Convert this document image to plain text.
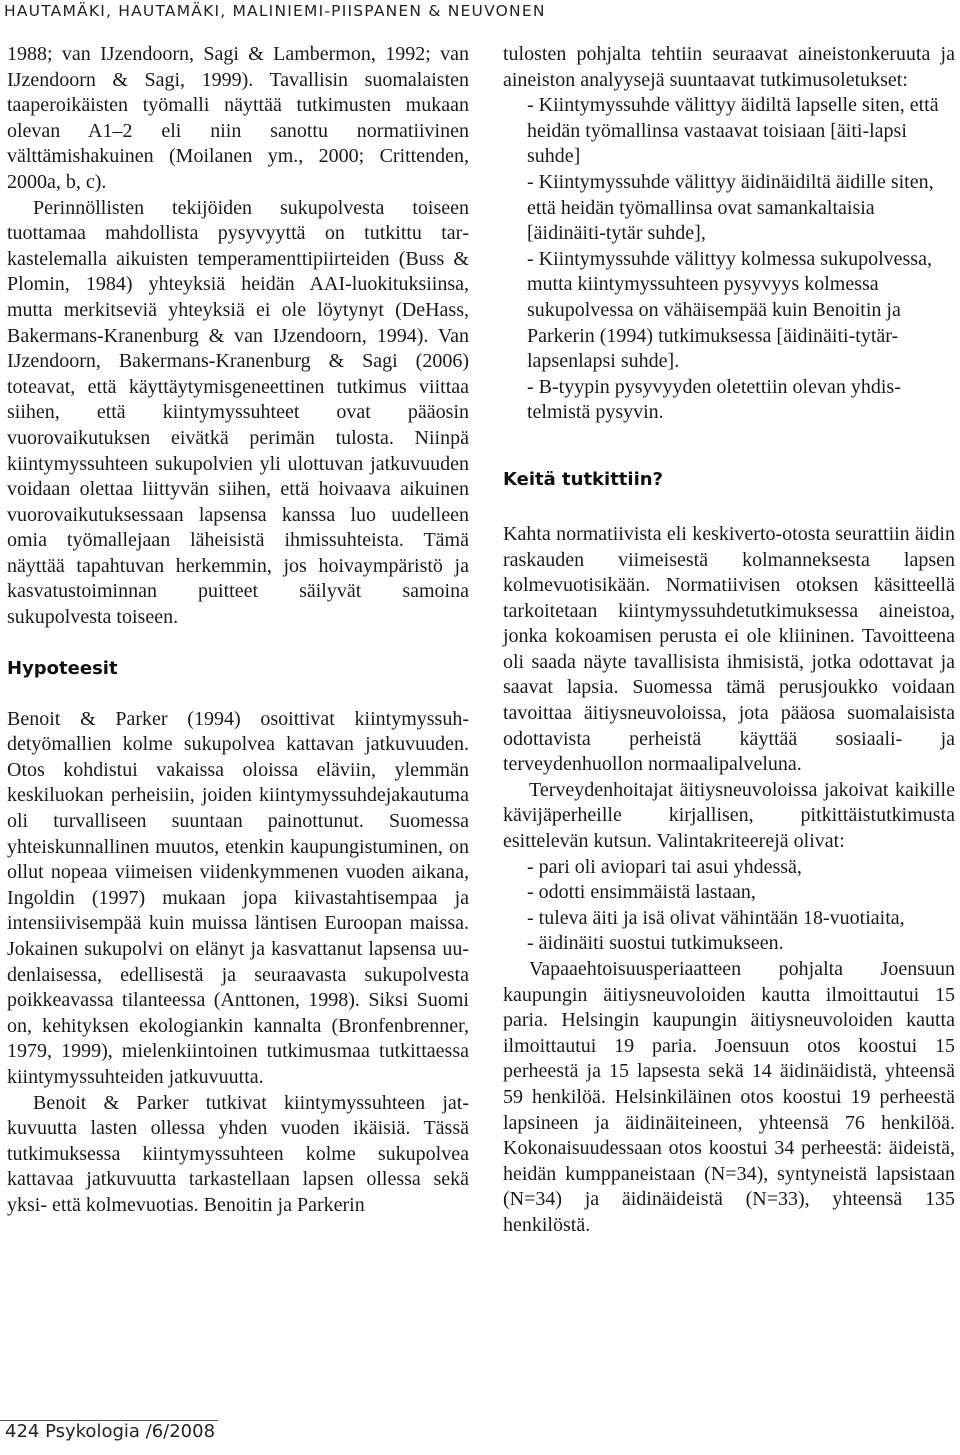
HAUTAMÄKI, HAUTAMÄKI, MALINIEMI-PIISPANEN & NEUVONEN

1988; van IJzendoorn, Sagi & Lambermon, 1992; van IJzendoorn & Sagi, 1999). Tavallisin suomalaisten taaperoikäisten työmalli näyttää tutkimusten mukaan olevan A1–2 eli niin sanottu normatiivinen välttämishakuinen (Moilanen ym., 2000; Crittenden, 2000a, b, c).

Perinnöllisten tekijöiden sukupolvesta toiseen tuottamaa mahdollista pysyvyyttä on tutkittu tarkastelemalla aikuisten temperamenttipiirteiden (Buss & Plomin, 1984) yhteyksiä heidän AAI-luokituksiinsa, mutta merkitseviä yhteyksiä ei ole löytynyt (DeHass, Bakermans-Kranenburg & van IJzendoorn, 1994). Van IJzendoorn, Bakermans-Kranenburg & Sagi (2006) toteavat, että käyttäytymisgeneettinen tutkimus viittaa siihen, että kiintymyssuhteet ovat pääosin vuorovaikutuksen eivätkä perimän tulosta. Niinpä kiintymyssuhteen sukupolvien yli ulottuvan jatkuvuuden voidaan olettaa liittyvän siihen, että hoivaava aikuinen vuorovaikutuksessaan lapsensa kanssa luo uudelleen omia työmallejaan läheisistä ihmissuhteista. Tämä näyttää tapahtuvan herkemmin, jos hoivaympäristö ja kasvatustoiminnan puitteet säilyvät samoina sukupolvesta toiseen.

Hypoteesit

Benoit & Parker (1994) osoittivat kiintymyssuhdetyömallien kolme sukupolvea kattavan jatkuvuuden. Otos kohdistui vakaissa oloissa eläviin, ylemmän keskiluokan perheisiin, joiden kiintymyssuhdejakautuma oli turvalliseen suuntaan painottunut. Suomessa yhteiskunnallinen muutos, etenkin kaupungistuminen, on ollut nopeaa viimeisen viidenkymmenen vuoden aikana, Ingoldin (1997) mukaan jopa kiivastahtisempaa ja intensiivisempää kuin muissa läntisen Euroopan maissa. Jokainen sukupolvi on elänyt ja kasvattanut lapsensa uudenlaisessa, edellisestä ja seuraavasta sukupolvesta poikkeavassa tilanteessa (Anttonen, 1998). Siksi Suomi on, kehityksen ekologiankin kannalta (Bronfenbrenner, 1979, 1999), mielenkiintoinen tutkimusmaa tutkittaessa kiintymyssuhteiden jatkuvuutta.

Benoit & Parker tutkivat kiintymyssuhteen jatkuvuutta lasten ollessa yhden vuoden ikäisiä. Tässä tutkimuksessa kiintymyssuhteen kolme sukupolvea kattavaa jatkuvuutta tarkastellaan lapsen ollessa sekä yksi- että kolmevuotias. Benoitin ja Parkerin

tulosten pohjalta tehtiin seuraavat aineistonkeruuta ja aineiston analyysejä suuntaavat tutkimusoletukset:

- Kiintymyssuhde välittyy äidiltä lapselle siten, että heidän työmallinsa vastaavat toisiaan [äiti-lapsi suhde]
- Kiintymyssuhde välittyy äidinäidiltä äidille siten, että heidän työmallinsa ovat samankaltaisia [äidinäiti-tytär suhde],
- Kiintymyssuhde välittyy kolmessa sukupolvessa, mutta kiintymyssuhteen pysyvyys kolmessa sukupolvessa on vähäisempää kuin Benoitin ja Parkerin (1994) tutkimuksessa [äidinäiti-tytär-lapsenlapsi suhde].
- B-tyypin pysyvyyden oletettiin olevan yhdistelmistä pysyvin.
Keitä tutkittiin?

Kahta normatiivista eli keskiverto-otosta seurattiin äidin raskauden viimeisestä kolmanneksesta lapsen kolmevuotisikään. Normatiivisen otoksen käsitteellä tarkoitetaan kiintymyssuhdetutkimuksessa aineistoa, jonka kokoamisen perusta ei ole kliininen. Tavoitteena oli saada näyte tavallisista ihmisistä, jotka odottavat ja saavat lapsia. Suomessa tämä perusjoukko voidaan tavoittaa äitiysneuvoloissa, jota pääosa suomalaisista odottavista perheistä käyttää sosiaali- ja terveydenhuollon normaalipalveluna.

Terveydenhoitajat äitiysneuvoloissa jakoivat kaikille kävijäperheille kirjallisen, pitkittäistutkimusta esittelevän kutsun. Valintakriteerejä olivat:

- pari oli aviopari tai asui yhdessä,
- odotti ensimmäistä lastaan,
- tuleva äiti ja isä olivat vähintään 18-vuotiaita,
- äidinäiti suostui tutkimukseen.

Vapaaehtoisuusperiaatteen pohjalta Joensuun kaupungin äitiysneuvoloiden kautta ilmoittautui 15 paria. Helsingin kaupungin äitiysneuvoloiden kautta ilmoittautui 19 paria. Joensuun otos koostui 15 perheestä ja 15 lapsesta sekä 14 äidinäidistä, yhteensä 59 henkilöä. Helsinkiläinen otos koostui 19 perheestä lapsineen ja äidinäiteineen, yhteensä 76 henkilöä. Kokonaisuudessaan otos koostui 34 perheestä: äideistä, heidän kumppaneistaan (N=34), syntyneistä lapsistaan (N=34) ja äidinäideistä (N=33), yhteensä 135 henkilöstä.

424 Psykologia /6/2008
